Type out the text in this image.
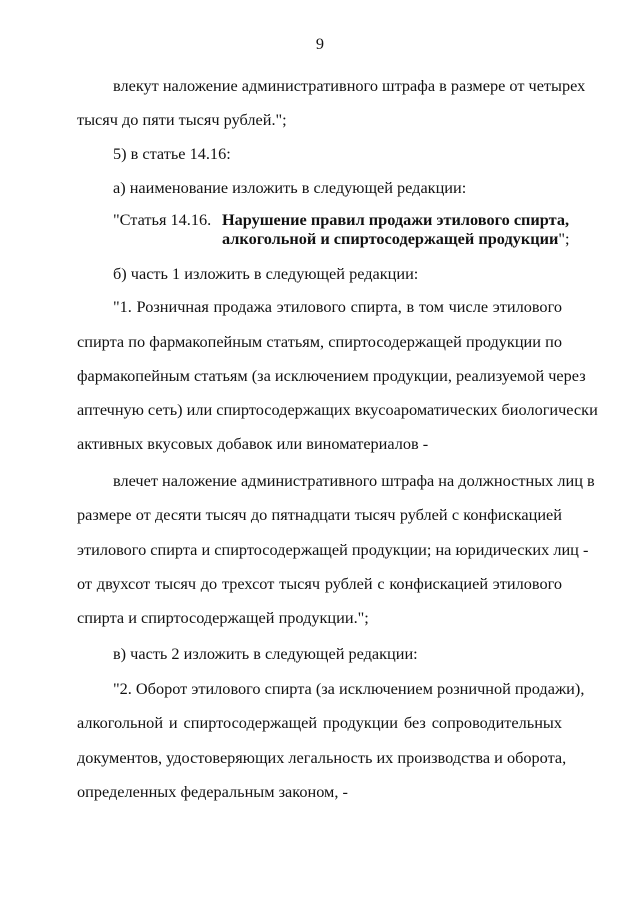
9
влекут наложение административного штрафа в размере от четырех
тысяч до пяти тысяч рублей.";
5) в статье 14.16:
а) наименование изложить в следующей редакции:
"Статья 14.16. Нарушение правил продажи этилового спирта,
алкогольной и спиртосодержащей продукции";
б) часть 1 изложить в следующей редакции:
"1. Розничная продажа этилового спирта, в том числе этилового
спирта по фармакопейным статьям, спиртосодержащей продукции по
фармакопейным статьям (за исключением продукции, реализуемой через
аптечную сеть) или спиртосодержащих вкусоароматических биологически
активных вкусовых добавок или виноматериалов -
влечет наложение административного штрафа на должностных лиц в
размере от десяти тысяч до пятнадцати тысяч рублей с конфискацией
этилового спирта и спиртосодержащей продукции; на юридических лиц -
от двухсот тысяч до трехсот тысяч рублей с конфискацией этилового
спирта и спиртосодержащей продукции.";
в) часть 2 изложить в следующей редакции:
"2. Оборот этилового спирта (за исключением розничной продажи),
алкогольной и спиртосодержащей продукции без сопроводительных
документов, удостоверяющих легальность их производства и оборота,
определенных федеральным законом, -
